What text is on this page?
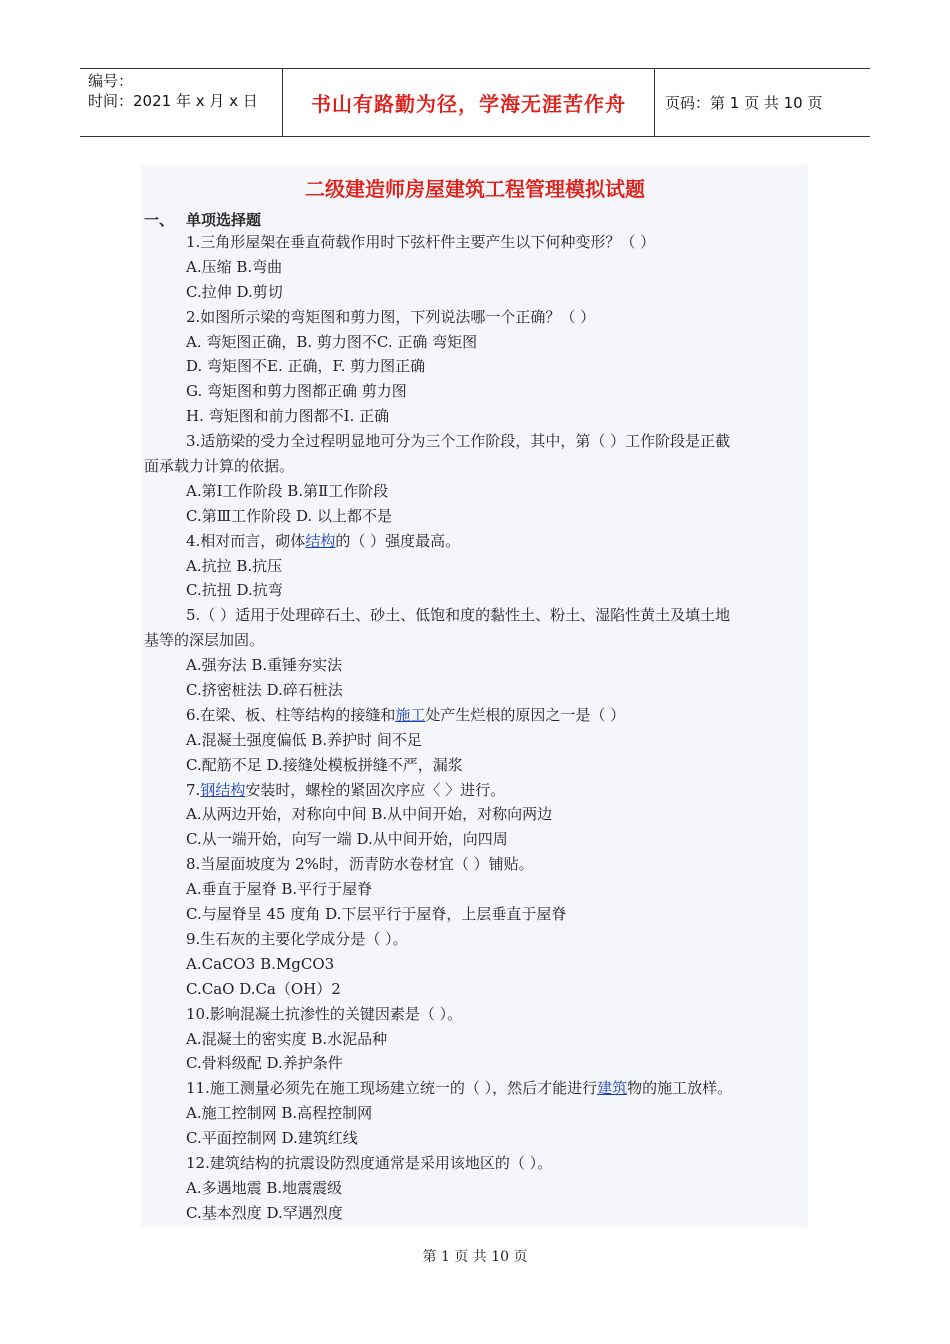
编号：
时间：2021 年 x 月 x 日	书山有路勤为径，学海无涯苦作舟	页码：第 1 页 共 10 页
二级建造师房屋建筑工程管理模拟试题
一、 单项选择题
1.三角形屋架在垂直荷载作用时下弦杆件主要产生以下何种变形？（ ）
A.压缩 B.弯曲
C.拉伸 D.剪切
2.如图所示梁的弯矩图和剪力图，下列说法哪一个正确？（ ）
A. 弯矩图正确，B. 剪力图不C. 正确 弯矩图
D. 弯矩图不E. 正确，F. 剪力图正确
G. 弯矩图和剪力图都正确 剪力图
H. 弯矩图和前力图都不I. 正确
3.适筋梁的受力全过程明显地可分为三个工作阶段，其中，第（ ）工作阶段是正截
面承载力计算的依据。
A.第Ⅰ工作阶段 B.第Ⅱ工作阶段
C.第Ⅲ工作阶段 D. 以上都不是
4.相对而言，砌体结构的（ ）强度最高。
A.抗拉 B.抗压
C.抗扭 D.抗弯
5.（ ）适用于处理碎石土、砂土、低饱和度的黏性土、粉土、湿陷性黄土及填土地
基等的深层加固。
A.强夯法 B.重锤夯实法
C.挤密桩法 D.碎石桩法
6.在梁、板、柱等结构的接缝和施工处产生烂根的原因之一是（ ）
A.混凝土强度偏低 B.养护时 间不足
C.配筋不足 D.接缝处模板拼缝不严，漏浆
7.钢结构安装时，螺栓的紧固次序应〈 〉进行。
A.从两边开始，对称向中间 B.从中间开始，对称向两边
C.从一端开始，向写一端 D.从中间开始，向四周
8.当屋面坡度为 2%时，沥青防水卷材宜（ ）铺贴。
A.垂直于屋脊 B.平行于屋脊
C.与屋脊呈 45 度角 D.下层平行于屋脊，上层垂直于屋脊
9.生石灰的主要化学成分是（ ）。
A.CaCO3 B.MgCO3
C.CaO D.Ca（OH）2
10.影响混凝土抗渗性的关键因素是（ ）。
A.混凝土的密实度 B.水泥品种
C.骨料级配 D.养护条件
11.施工测量必须先在施工现场建立统一的（ ），然后才能进行建筑物的施工放样。
A.施工控制网 B.高程控制网
C.平面控制网 D.建筑红线
12.建筑结构的抗震设防烈度通常是采用该地区的（ ）。
A.多遇地震 B.地震震级
C.基本烈度 D.罕遇烈度
第 1 页 共 10 页
